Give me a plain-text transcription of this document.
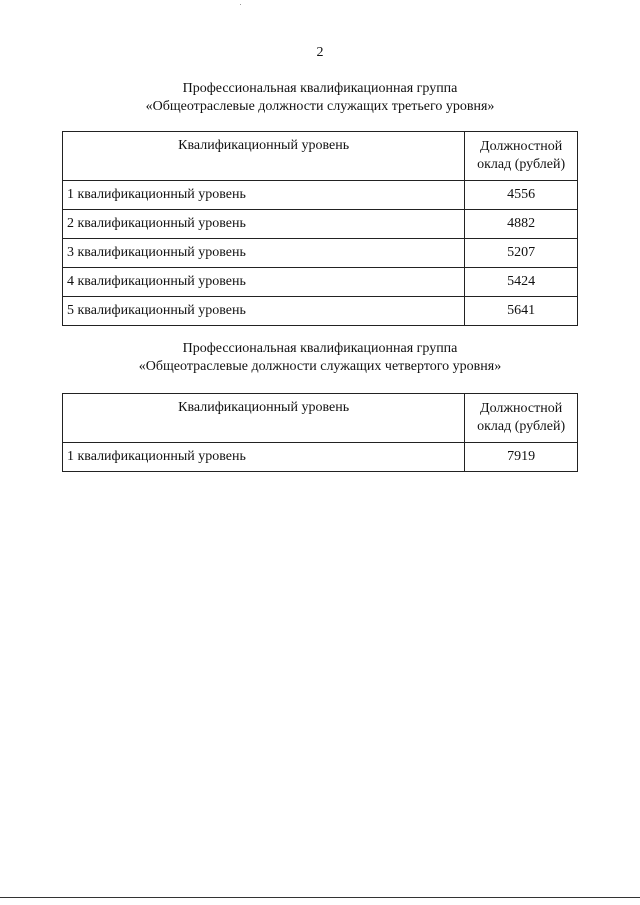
2
Профессиональная квалификационная группа
«Общеотраслевые должности служащих третьего уровня»
Квалификационный уровень	Должностной
оклад (рублей)

1 квалификационный уровень	4556
2 квалификационный уровень	4882
3 квалификационный уровень	5207
4 квалификационный уровень	5424
5 квалификационный уровень	5641
Профессиональная квалификационная группа
«Общеотраслевые должности служащих четвертого уровня»
Квалификационный уровень	Должностной
оклад (рублей)

1 квалификационный уровень	7919
